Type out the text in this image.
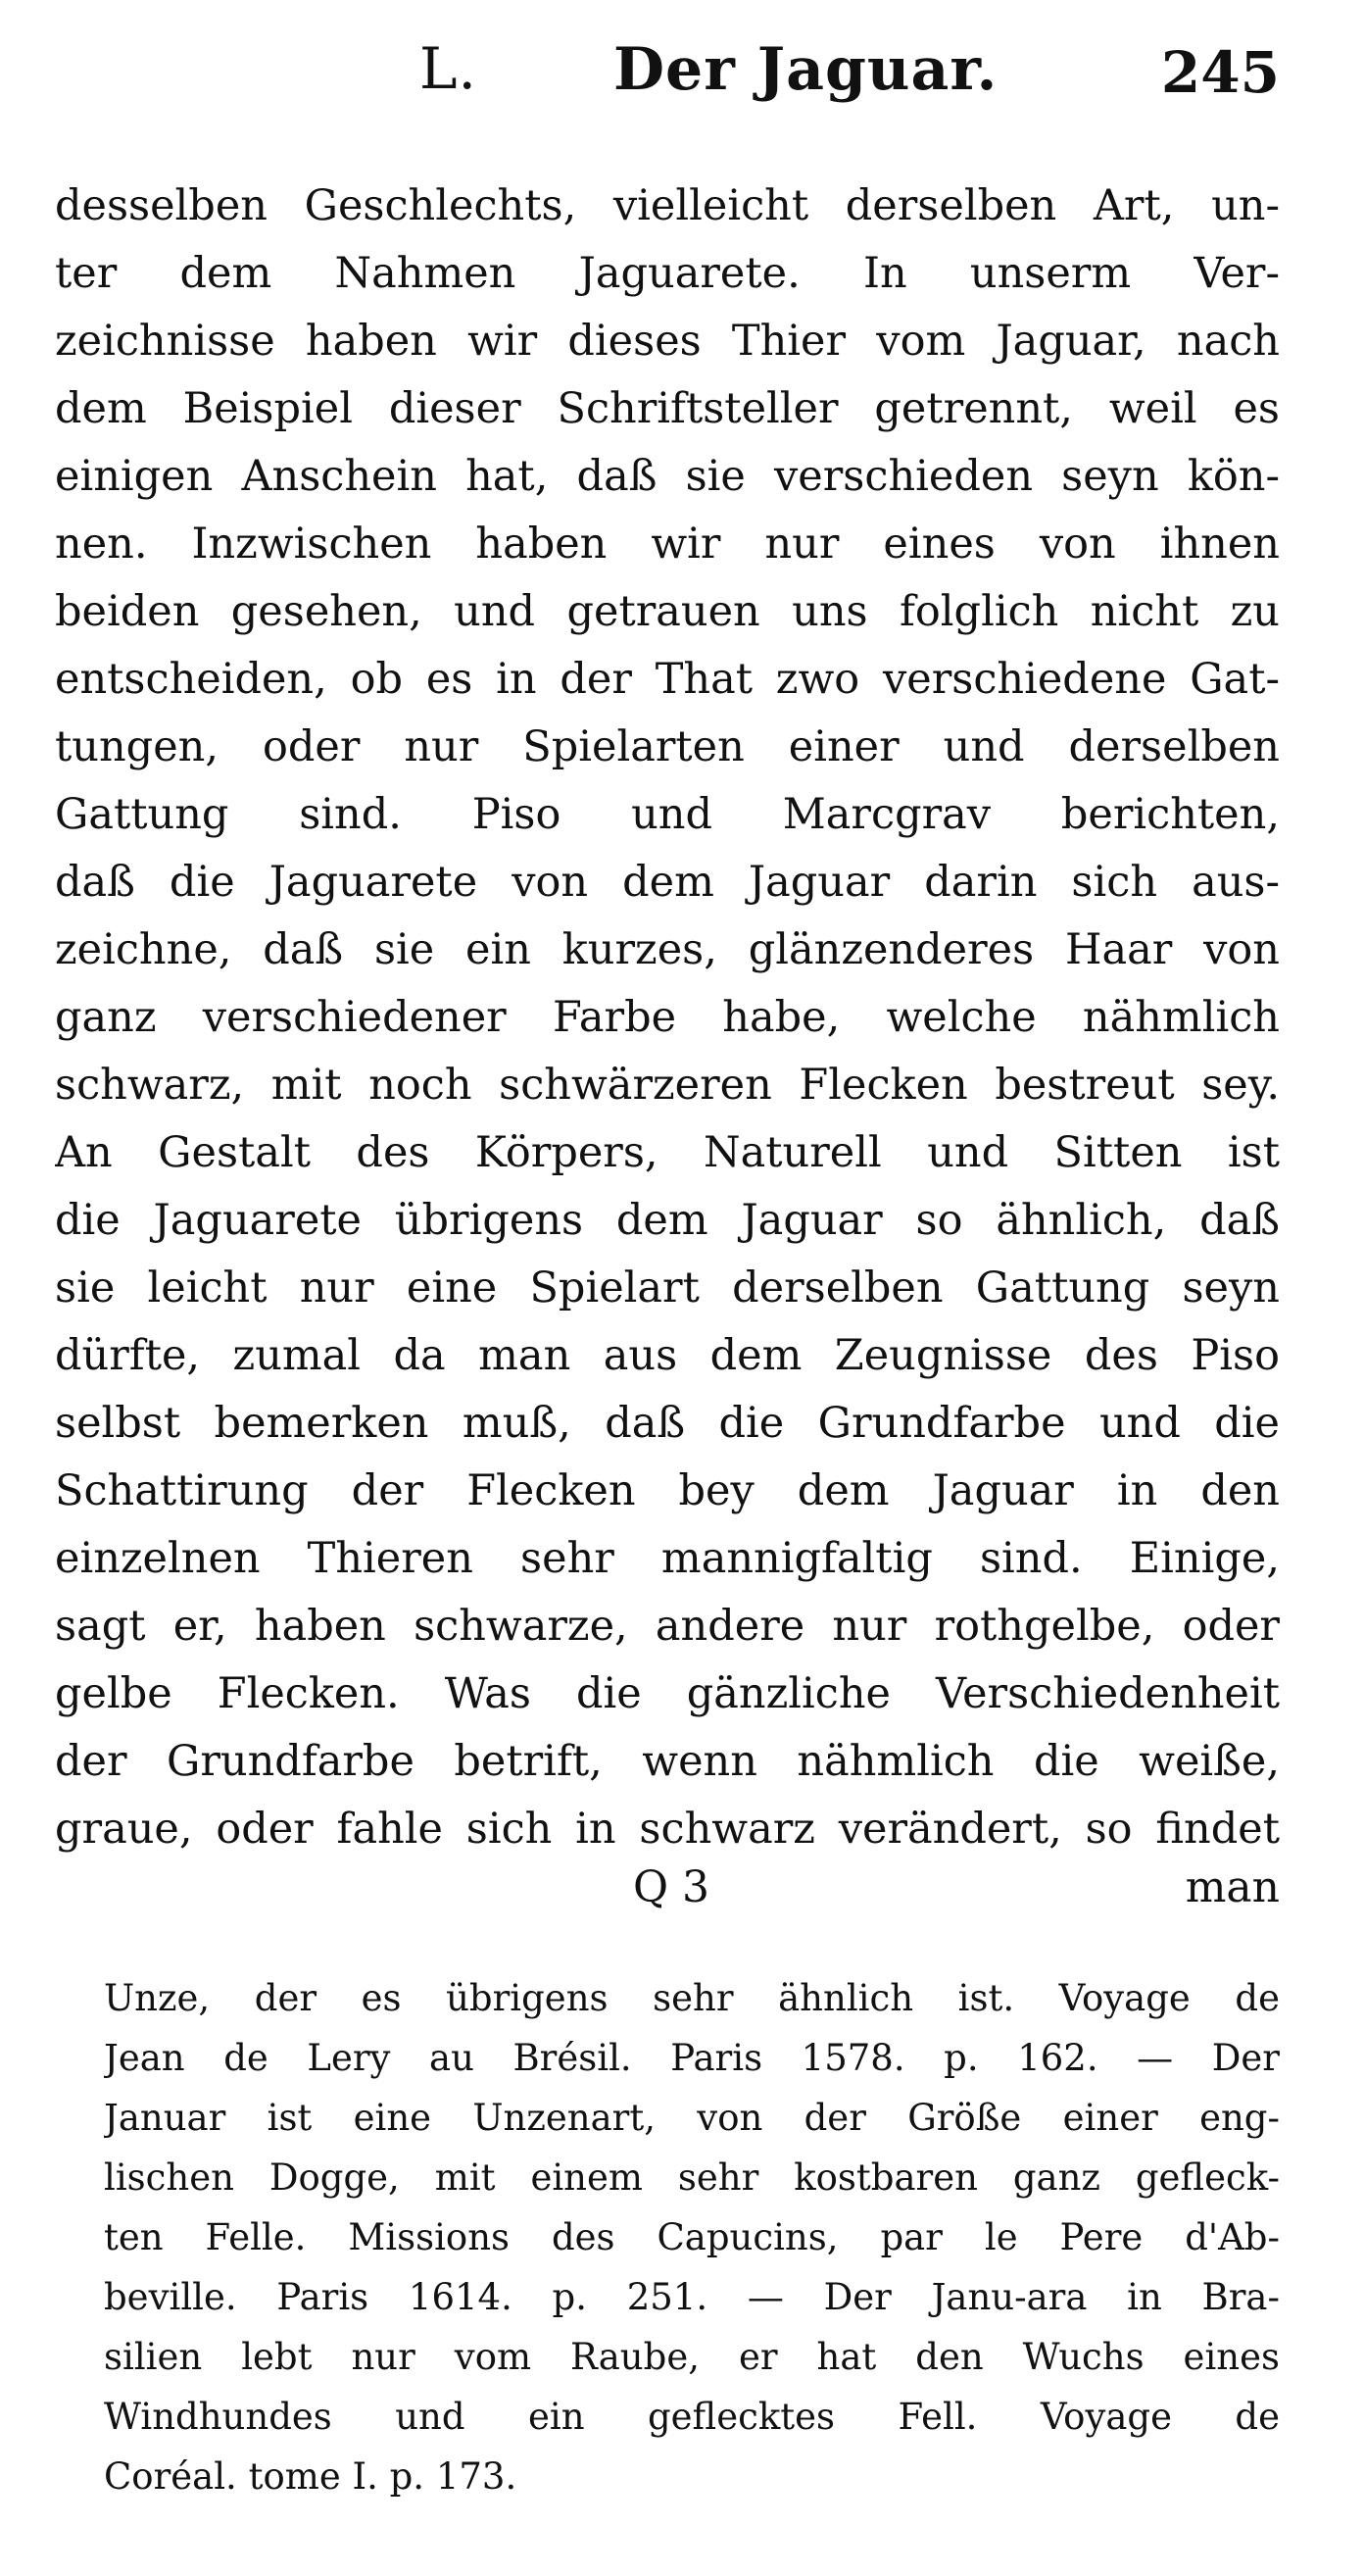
L. Der Jaguar.	245
desselben Geschlechts, vielleicht derselben Art, un-
ter dem Nahmen Jaguarete. In unserm Ver-
zeichnisse haben wir dieses Thier vom Jaguar, nach
dem Beispiel dieser Schriftsteller getrennt, weil es
einigen Anschein hat, daß sie verschieden seyn kön-
nen. Inzwischen haben wir nur eines von ihnen
beiden gesehen, und getrauen uns folglich nicht zu
entscheiden, ob es in der That zwo verschiedene Gat-
tungen, oder nur Spielarten einer und derselben
Gattung sind. Piso und Marcgrav berichten,
daß die Jaguarete von dem Jaguar darin sich aus-
zeichne, daß sie ein kurzes, glänzenderes Haar von
ganz verschiedener Farbe habe, welche nähmlich
schwarz, mit noch schwärzeren Flecken bestreut sey.
An Gestalt des Körpers, Naturell und Sitten ist
die Jaguarete übrigens dem Jaguar so ähnlich, daß
sie leicht nur eine Spielart derselben Gattung seyn
dürfte, zumal da man aus dem Zeugnisse des Piso
selbst bemerken muß, daß die Grundfarbe und die
Schattirung der Flecken bey dem Jaguar in den
einzelnen Thieren sehr mannigfaltig sind. Einige,
sagt er, haben schwarze, andere nur rothgelbe, oder
gelbe Flecken. Was die gänzliche Verschiedenheit
der Grundfarbe betrift, wenn nähmlich die weiße,
graue, oder fahle sich in schwarz verändert, so findet
Q 3	man
Unze, der es übrigens sehr ähnlich ist. Voyage de
Jean de Lery au Brésil. Paris 1578. p. 162. — Der
Januar ist eine Unzenart, von der Größe einer eng-
lischen Dogge, mit einem sehr kostbaren ganz gefleck-
ten Felle. Missions des Capucins, par le Pere d'Ab-
beville. Paris 1614. p. 251. — Der Janu-ara in Bra-
silien lebt nur vom Raube, er hat den Wuchs eines
Windhundes und ein geflecktes Fell. Voyage de
Coréal. tome I. p. 173.
